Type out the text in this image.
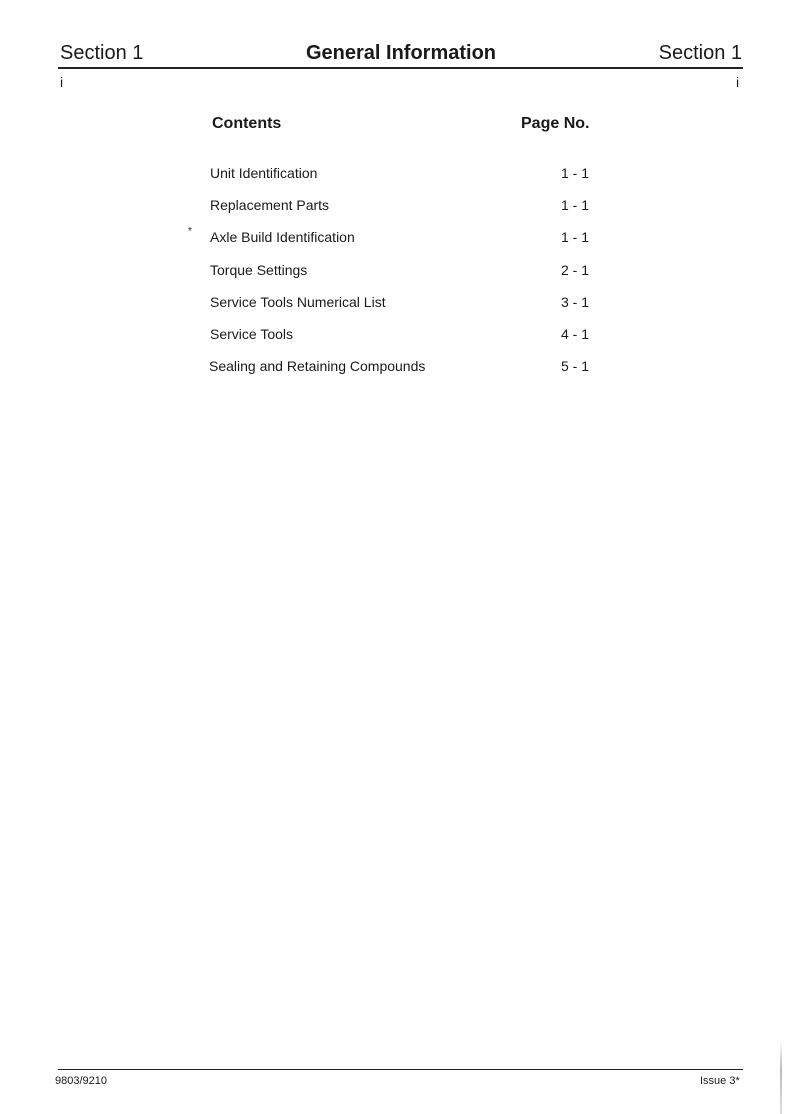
Section 1	General Information	Section 1
i	i
Contents	Page No.
Unit Identification	1 - 1
Replacement Parts	1 - 1
* Axle Build Identification	1 - 1
Torque Settings	2 - 1
Service Tools Numerical List	3 - 1
Service Tools	4 - 1
Sealing and Retaining Compounds	5 - 1
9803/9210	Issue 3*
